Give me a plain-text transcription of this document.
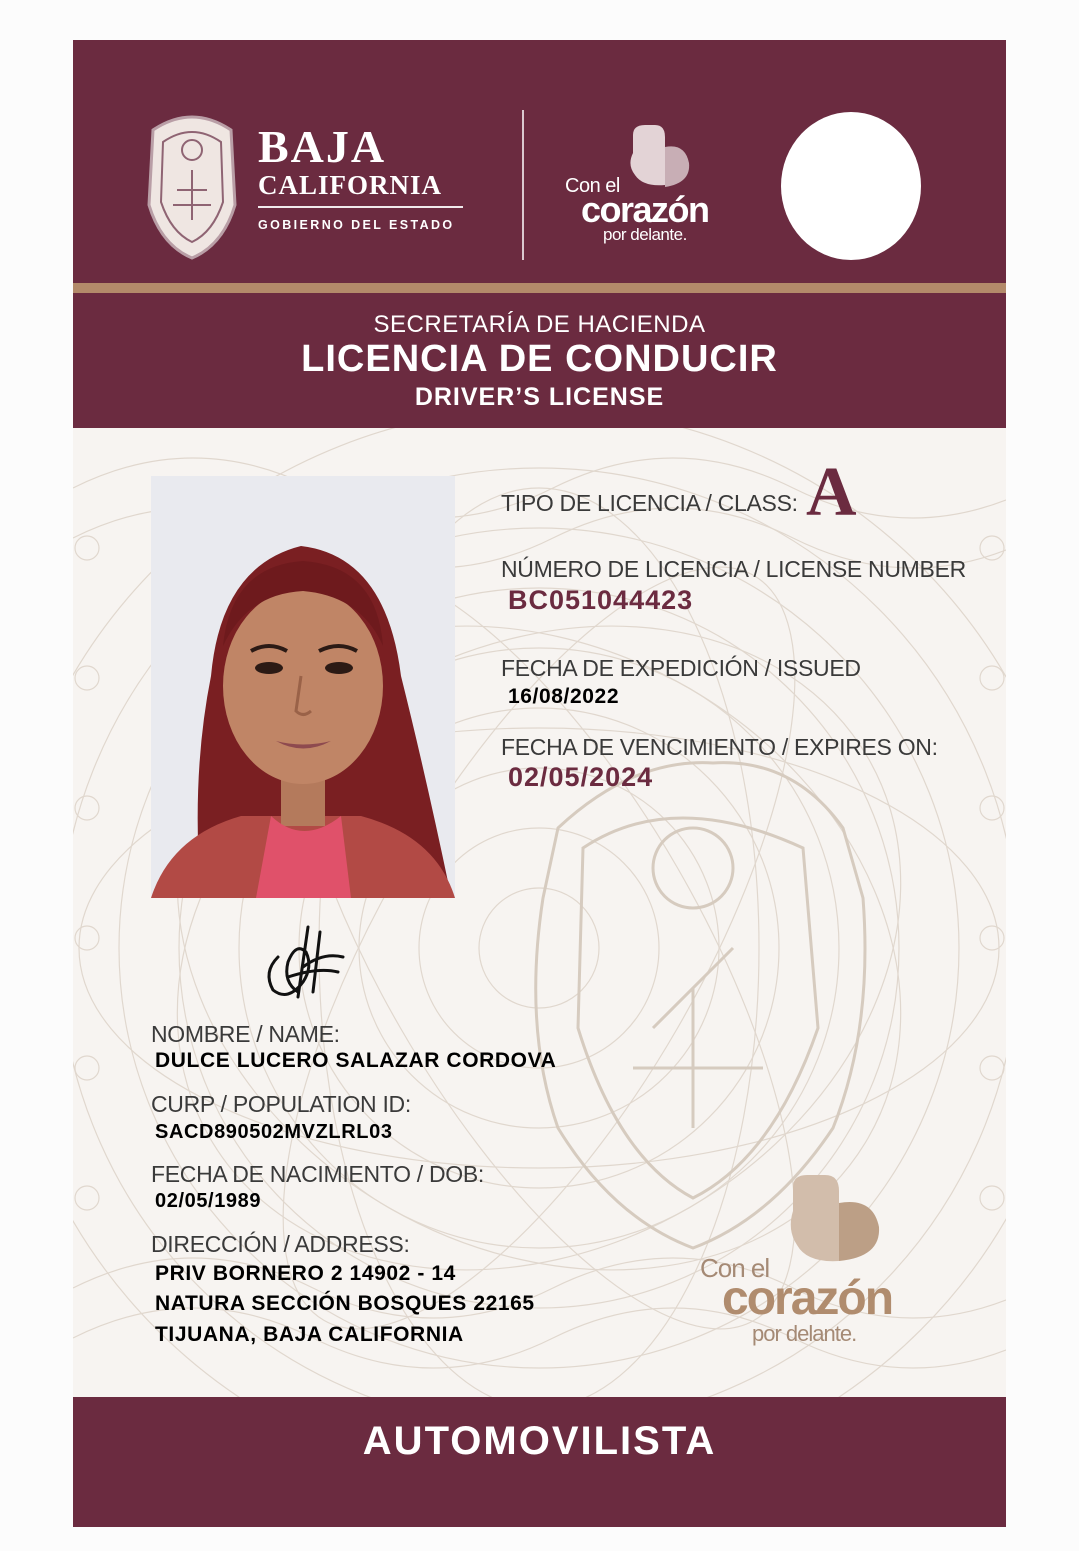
BAJA
CALIFORNIA
GOBIERNO DEL ESTADO
Con el
corazón
por delante.
SECRETARÍA DE HACIENDA
LICENCIA DE CONDUCIR
DRIVER’S LICENSE
TIPO DE LICENCIA / CLASS: A
NÚMERO DE LICENCIA / LICENSE NUMBER
BC051044423
FECHA DE EXPEDICIÓN / ISSUED
16/08/2022
FECHA DE VENCIMIENTO / EXPIRES ON:
02/05/2024
NOMBRE / NAME:
DULCE LUCERO SALAZAR CORDOVA
CURP / POPULATION ID:
SACD890502MVZLRL03
FECHA DE NACIMIENTO / DOB:
02/05/1989
DIRECCIÓN / ADDRESS:
PRIV BORNERO 2 14902 - 14
NATURA SECCIÓN BOSQUES 22165
TIJUANA, BAJA CALIFORNIA
Con el
corazón
por delante.
AUTOMOVILISTA
